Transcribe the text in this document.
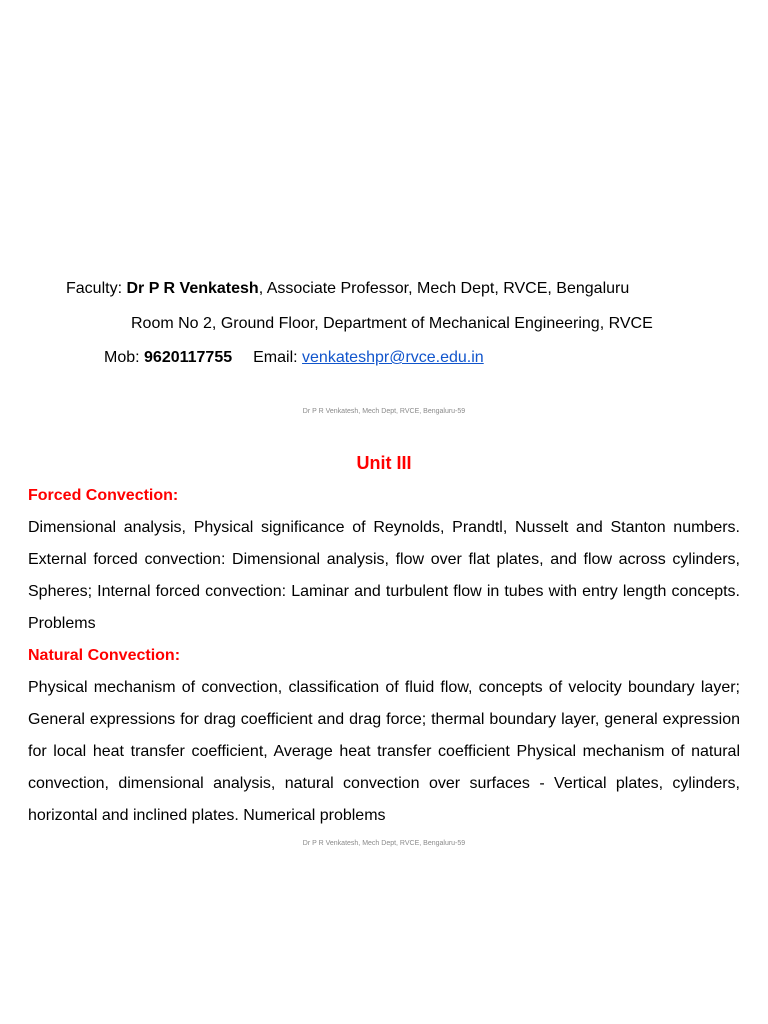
Faculty: Dr P R Venkatesh, Associate Professor, Mech Dept, RVCE, Bengaluru
Room No 2, Ground Floor, Department of Mechanical Engineering, RVCE
Mob: 9620117755 Email: venkateshpr@rvce.edu.in
Dr P R Venkatesh, Mech Dept, RVCE, Bengaluru-59
Unit III
Forced Convection:
Dimensional analysis, Physical significance of Reynolds, Prandtl, Nusselt and Stanton numbers. External forced convection: Dimensional analysis, flow over flat plates, and flow across cylinders, Spheres; Internal forced convection: Laminar and turbulent flow in tubes with entry length concepts. Problems
Natural Convection:
Physical mechanism of convection, classification of fluid flow, concepts of velocity boundary layer; General expressions for drag coefficient and drag force; thermal boundary layer, general expression for local heat transfer coefficient, Average heat transfer coefficient Physical mechanism of natural convection, dimensional analysis, natural convection over surfaces - Vertical plates, cylinders, horizontal and inclined plates. Numerical problems
Dr P R Venkatesh, Mech Dept, RVCE, Bengaluru-59
